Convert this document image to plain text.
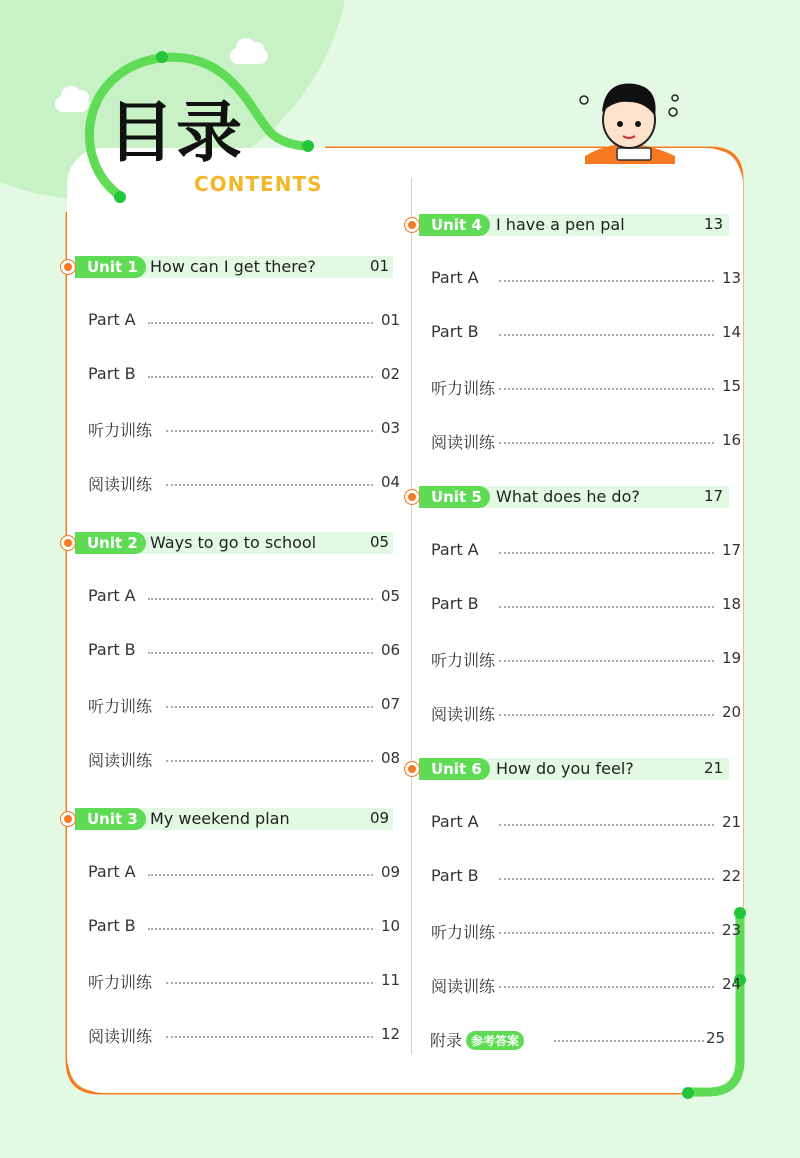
目录
CONTENTS
Unit 1 How can I get there?	01
Part A	01
Part B	02
听力训练	03
阅读训练	04
Unit 2 Ways to go to school	05
Part A	05
Part B	06
听力训练	07
阅读训练	08
Unit 3 My weekend plan	09
Part A	09
Part B	10
听力训练	11
阅读训练	12
Unit 4 I have a pen pal	13
Part A	13
Part B	14
听力训练	15
阅读训练	16
Unit 5 What does he do?	17
Part A	17
Part B	18
听力训练	19
阅读训练	20
Unit 6 How do you feel?	21
Part A	21
Part B	22
听力训练	23
阅读训练	24
附录 参考答案	25
